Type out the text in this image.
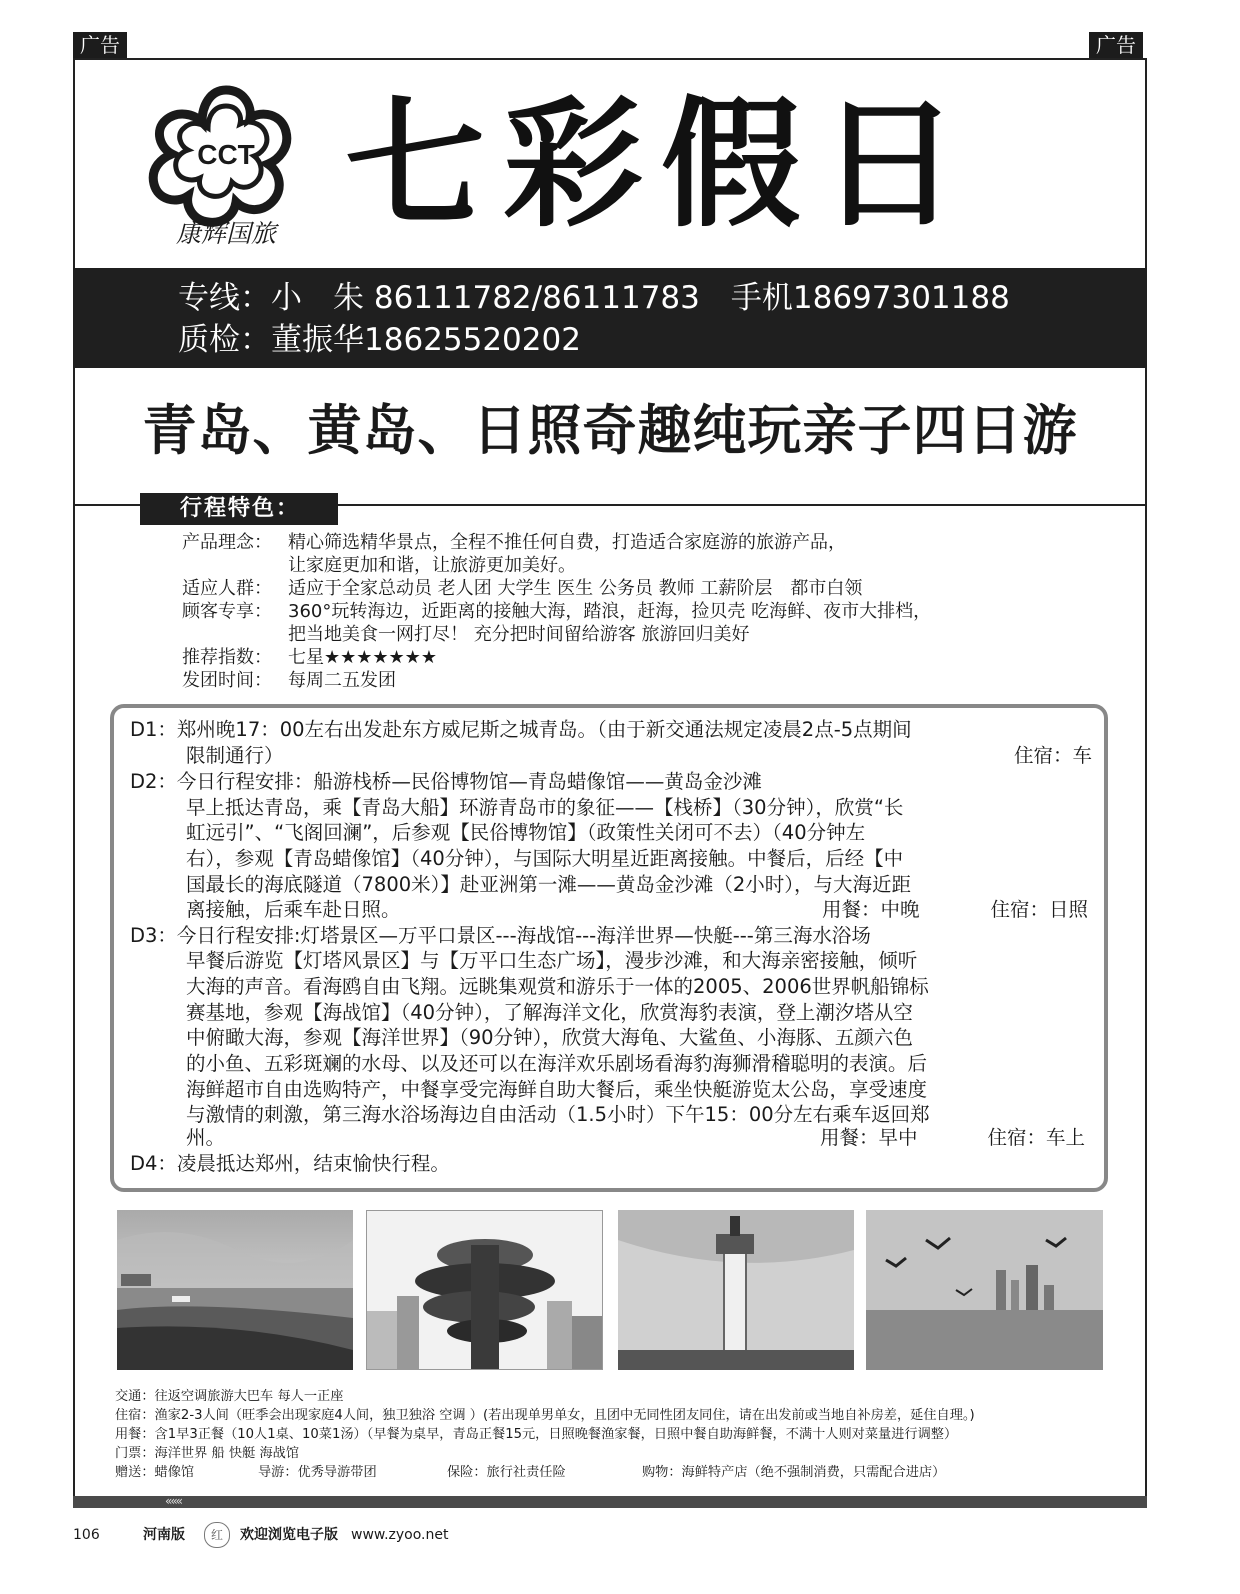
广告	广告
CCT
康辉国旅 七彩假日
专线：小　朱 86111782/86111783　手机18697301188
质检：董振华18625520202
青岛、黄岛、日照奇趣纯玩亲子四日游
行程特色：
产品理念： 精心筛选精华景点，全程不推任何自费，打造适合家庭游的旅游产品，
让家庭更加和谐，让旅游更加美好。
适应人群： 适应于全家总动员 老人团 大学生 医生 公务员 教师 工薪阶层　都市白领
顾客专享： 360°玩转海边，近距离的接触大海，踏浪，赶海，捡贝壳 吃海鲜、夜市大排档，
把当地美食一网打尽！ 充分把时间留给游客 旅游回归美好
推荐指数： 七星★★★★★★★
发团时间： 每周二五发团
D1：郑州晚17：00左右出发赴东方威尼斯之城青岛。（由于新交通法规定凌晨2点-5点期间
限制通行）	住宿：车
D2：今日行程安排：船游栈桥—民俗博物馆—青岛蜡像馆——黄岛金沙滩
早上抵达青岛，乘【青岛大船】环游青岛市的象征——【栈桥】（30分钟），欣赏“长
虹远引”、“飞阁回澜”，后参观【民俗博物馆】（政策性关闭可不去）（40分钟左
右），参观【青岛蜡像馆】（40分钟），与国际大明星近距离接触。中餐后，后经【中
国最长的海底隧道（7800米）】赴亚洲第一滩——黄岛金沙滩（2小时），与大海近距
离接触，后乘车赴日照。	用餐：中晚	住宿：日照
D3：今日行程安排:灯塔景区—万平口景区---海战馆---海洋世界—快艇---第三海水浴场
早餐后游览【灯塔风景区】与【万平口生态广场】，漫步沙滩，和大海亲密接触，倾听
大海的声音。看海鸥自由飞翔。远眺集观赏和游乐于一体的2005、2006世界帆船锦标
赛基地，参观【海战馆】（40分钟），了解海洋文化，欣赏海豹表演，登上潮汐塔从空
中俯瞰大海，参观【海洋世界】（90分钟），欣赏大海龟、大鲨鱼、小海豚、五颜六色
的小鱼、五彩斑斓的水母、以及还可以在海洋欢乐剧场看海豹海狮滑稽聪明的表演。后
海鲜超市自由选购特产，中餐享受完海鲜自助大餐后，乘坐快艇游览太公岛，享受速度
与激情的刺激，第三海水浴场海边自由活动（1.5小时）下午15：00分左右乘车返回郑
州。	用餐：早中	住宿：车上
D4：凌晨抵达郑州，结束愉快行程。
交通：往返空调旅游大巴车 每人一正座
住宿：渔家2-3人间（旺季会出现家庭4人间，独卫独浴 空调 ）(若出现单男单女，且团中无同性团友同住，请在出发前或当地自补房差，延住自理。)
用餐：含1早3正餐（10人1桌、10菜1汤）（早餐为桌早，青岛正餐15元，日照晚餐渔家餐，日照中餐自助海鲜餐，不满十人则对菜量进行调整）
门票：海洋世界 船 快艇 海战馆
赠送：蜡像馆	导游：优秀导游带团	保险：旅行社责任险	购物：海鲜特产店（绝不强制消费，只需配合进店）
«««
106	河南版	红	欢迎浏览电子版 www.zyoo.net
